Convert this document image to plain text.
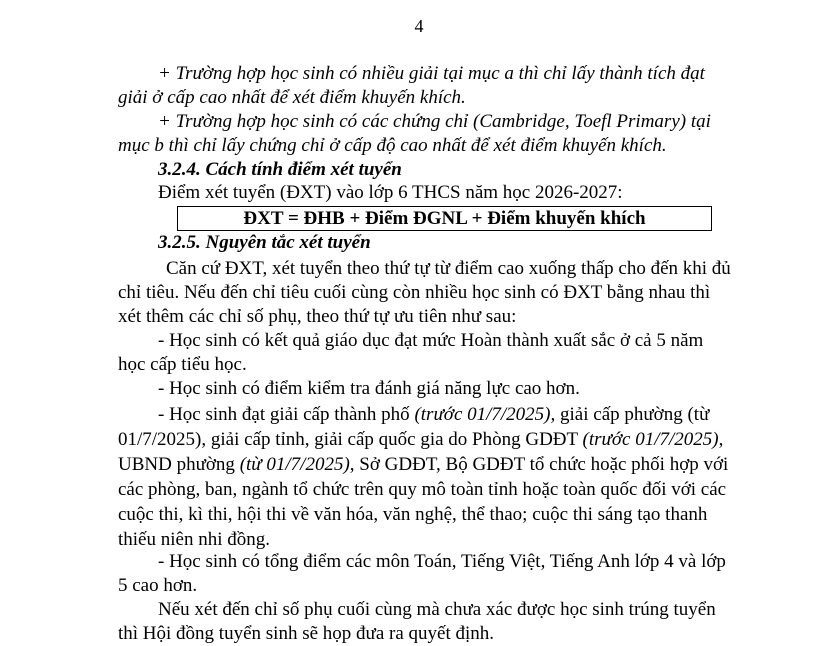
4
+ Trường hợp học sinh có nhiều giải tại mục a thì chỉ lấy thành tích đạt
giải ở cấp cao nhất để xét điểm khuyến khích.
+ Trường hợp học sinh có các chứng chỉ (Cambridge, Toefl Primary) tại
mục b thì chỉ lấy chứng chỉ ở cấp độ cao nhất để xét điểm khuyến khích.
3.2.4. Cách tính điểm xét tuyển
Điểm xét tuyển (ĐXT) vào lớp 6 THCS năm học 2026-2027:
ĐXT = ĐHB + Điểm ĐGNL + Điểm khuyến khích
3.2.5. Nguyên tắc xét tuyển
Căn cứ ĐXT, xét tuyển theo thứ tự từ điểm cao xuống thấp cho đến khi đủ
chỉ tiêu. Nếu đến chỉ tiêu cuối cùng còn nhiều học sinh có ĐXT bằng nhau thì
xét thêm các chỉ số phụ, theo thứ tự ưu tiên như sau:
- Học sinh có kết quả giáo dục đạt mức Hoàn thành xuất sắc ở cả 5 năm
học cấp tiểu học.
- Học sinh có điểm kiểm tra đánh giá năng lực cao hơn.
- Học sinh đạt giải cấp thành phố (trước 01/7/2025), giải cấp phường (từ
01/7/2025), giải cấp tỉnh, giải cấp quốc gia do Phòng GDĐT (trước 01/7/2025),
UBND phường (từ 01/7/2025), Sở GDĐT, Bộ GDĐT tổ chức hoặc phối hợp với
các phòng, ban, ngành tổ chức trên quy mô toàn tỉnh hoặc toàn quốc đối với các
cuộc thi, kì thi, hội thi về văn hóa, văn nghệ, thể thao; cuộc thi sáng tạo thanh
thiếu niên nhi đồng.
- Học sinh có tổng điểm các môn Toán, Tiếng Việt, Tiếng Anh lớp 4 và lớp
5 cao hơn.
Nếu xét đến chỉ số phụ cuối cùng mà chưa xác được học sinh trúng tuyển
thì Hội đồng tuyển sinh sẽ họp đưa ra quyết định.
